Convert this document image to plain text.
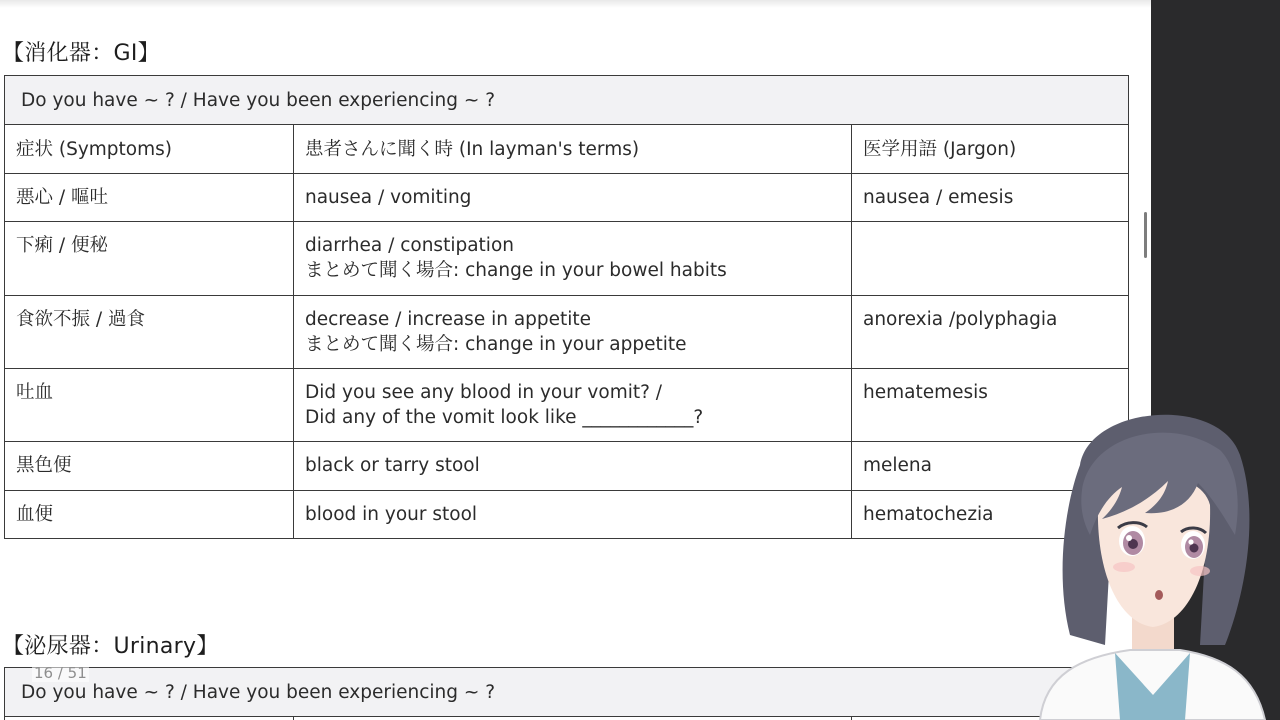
【消化器：GI】
Do you have ~ ? / Have you been experiencing ~ ?		
症状 (Symptoms)	患者さんに聞く時 (In layman's terms)	医学用語 (Jargon)

悪心 / 嘔吐	nausea / vomiting	nausea / emesis

下痢 / 便秘	diarrhea / constipation
まとめて聞く場合: change in your bowel habits	

食欲不振 / 過食	decrease / increase in appetite
まとめて聞く場合: change in your appetite	anorexia /polyphagia

吐血	Did you see any blood in your vomit? /
Did any of the vomit look like ____________?	hematemesis

黒色便	black or tarry stool	melena

血便	blood in your stool	hematochezia
【泌尿器：Urinary】
Do you have ~ ? / Have you been experiencing ~ ?

16 / 51
